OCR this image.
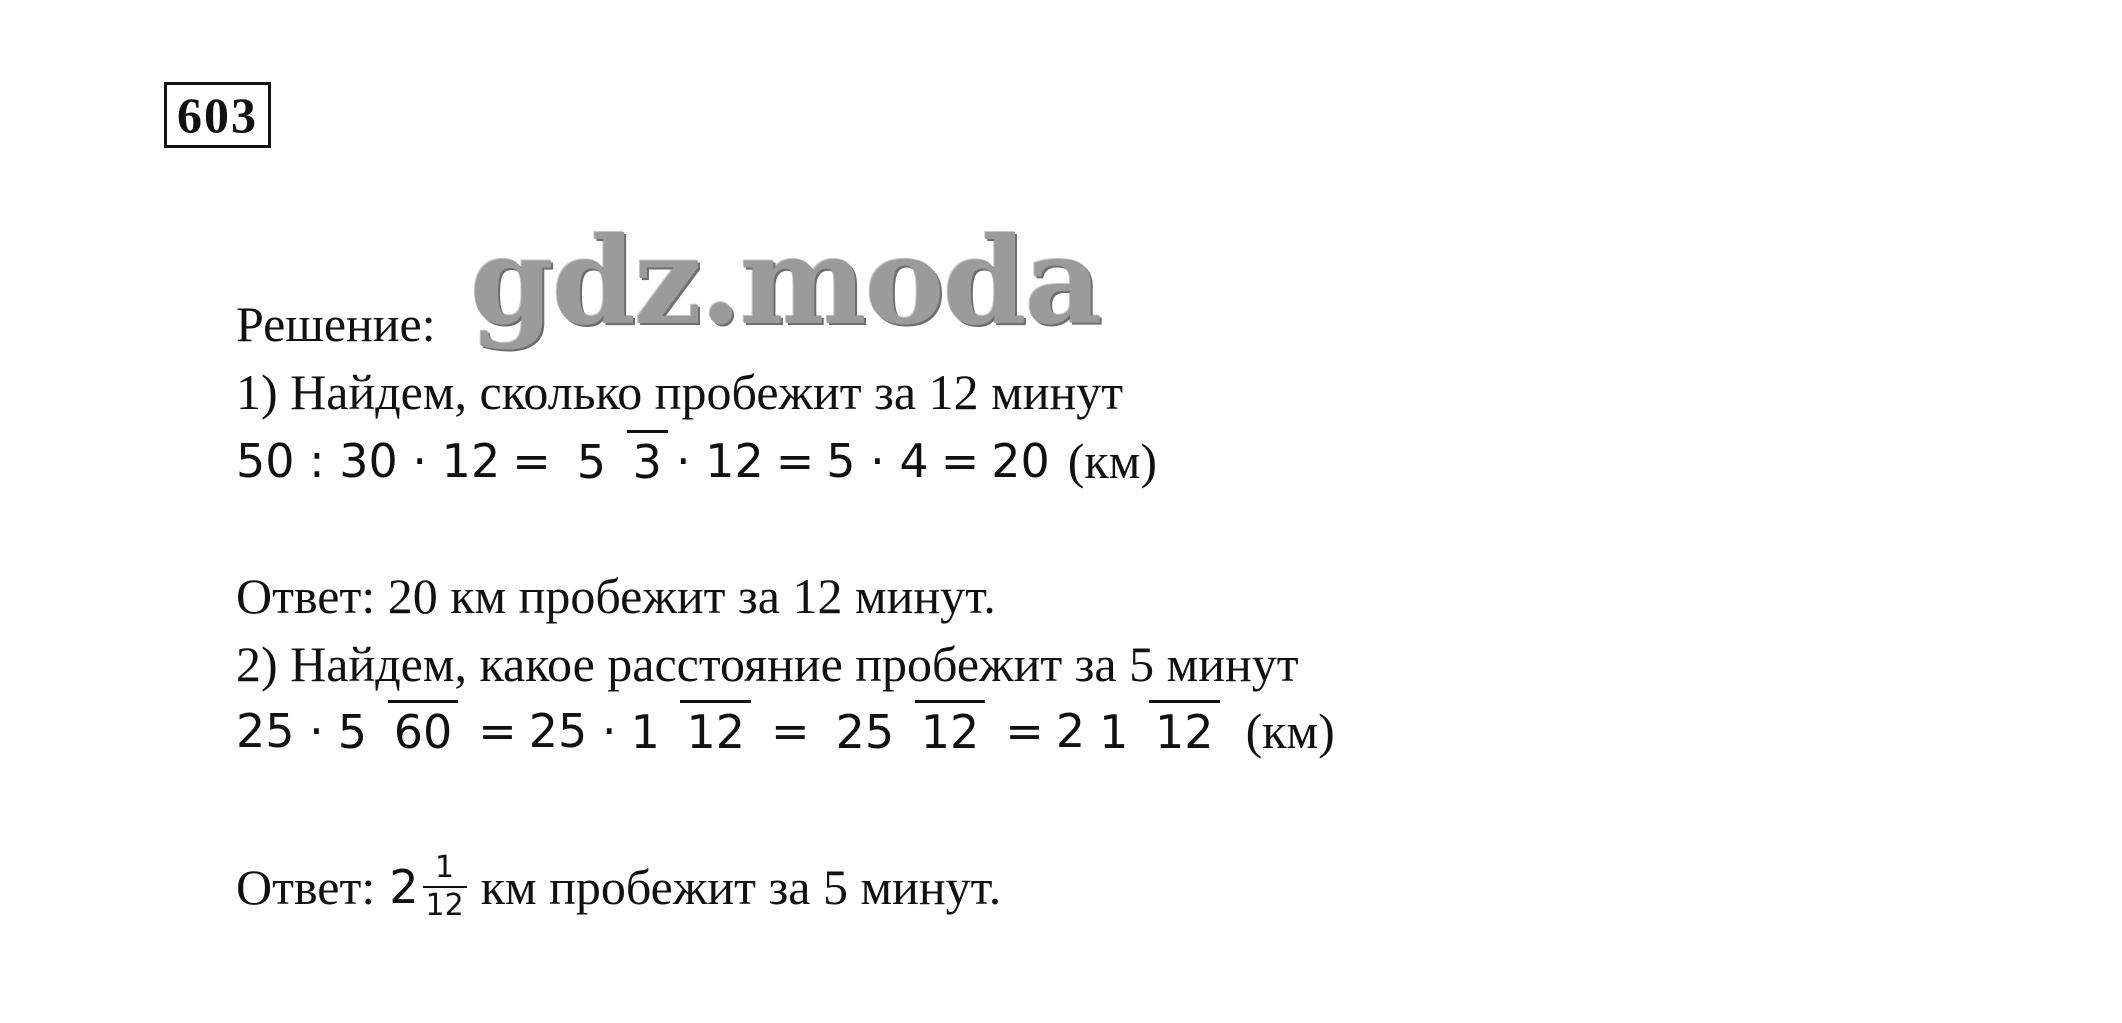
603
Решение: gdz.moda
1) Найдем, сколько пробежит за 12 минут
50 : 30 · 12 = 5 3 · 12 = 5 · 4 = 20 (км)
Ответ: 20 км пробежит за 12 минут.
2) Найдем, какое расстояние пробежит за 5 минут
25 · 5 60 = 25 · 1 12 = 25 12 = 2 1 12 (км)
Ответ: $2 \frac{1}{12}$ км пробежит за 5 минут.
